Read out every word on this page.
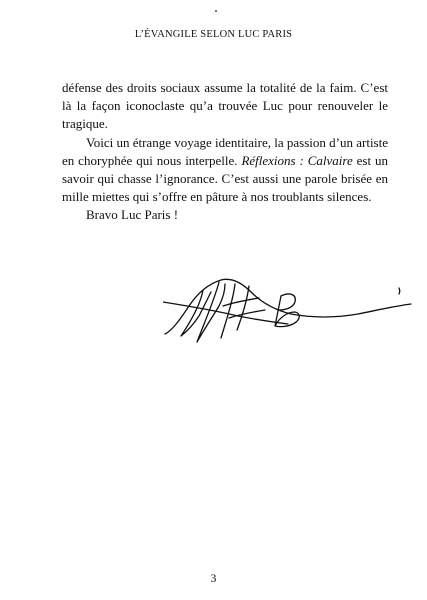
L’ÉVANGILE SELON LUC PARIS

défense des droits sociaux assume la totalité de la faim. C’est là la façon iconoclaste qu’a trouvée Luc pour renouveler le tragique.

Voici un étrange voyage identitaire, la passion d’un artiste en choryphée qui nous interpelle. Réflexions : Calvaire est un savoir qui chasse l’ignorance. C’est aussi une parole brisée en mille miettes qui s’offre en pâture à nos troublants silences.

Bravo Luc Paris !

3
